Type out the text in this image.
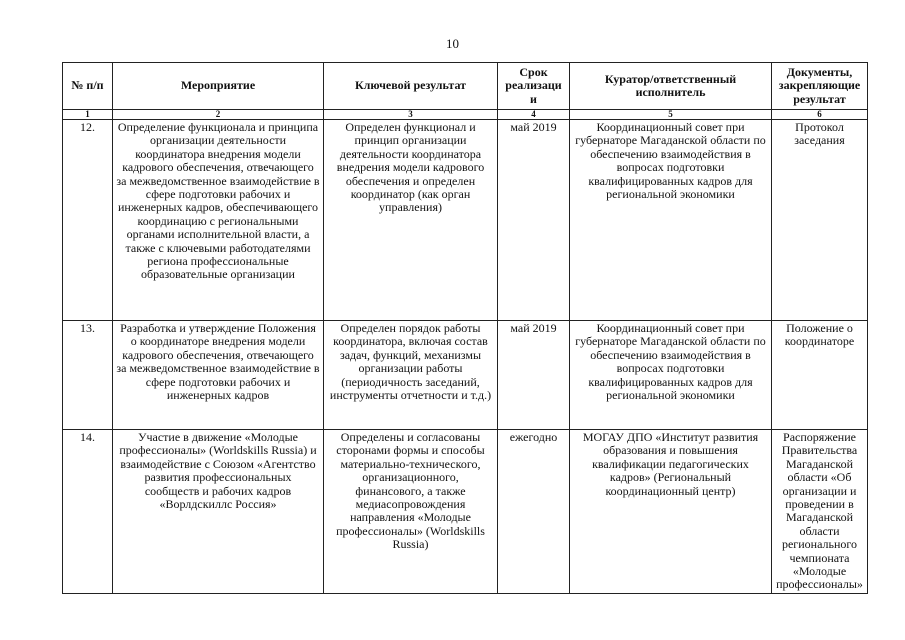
10
№ п/п	Мероприятие	Ключевой результат	Срок реализаци и	Куратор/ответственный исполнитель	Документы, закрепляющие результат
1	2	3	4	5	6
12.	Определение функционала и принципа организации деятельности координатора внедрения модели кадрового обеспечения, отвечающего за межведомственное взаимодействие в сфере подготовки рабочих и инженерных кадров, обеспечивающего координацию с региональными органами исполнительной власти, а также с ключевыми работодателями региона профессиональные образовательные организации	Определен функционал и принцип организации деятельности координатора внедрения модели кадрового обеспечения и определен координатор (как орган управления)	май 2019	Координационный совет при губернаторе Магаданской области по обеспечению взаимодействия в вопросах подготовки квалифицированных кадров для региональной экономики	Протокол заседания
13.	Разработка и утверждение Положения о координаторе внедрения модели кадрового обеспечения, отвечающего за межведомственное взаимодействие в сфере подготовки рабочих и инженерных кадров	Определен порядок работы координатора, включая состав задач, функций, механизмы организации работы (периодичность заседаний, инструменты отчетности и т.д.)	май 2019	Координационный совет при губернаторе Магаданской области по обеспечению взаимодействия в вопросах подготовки квалифицированных кадров для региональной экономики	Положение о координаторе
14.	Участие в движение «Молодые профессионалы» (Worldskills Russia) и взаимодействие с Союзом «Агентство развития профессиональных сообществ и рабочих кадров «Ворлдскиллс Россия»	Определены и согласованы сторонами формы и способы материально-технического, организационного, финансового, а также медиасопровождения направления «Молодые профессионалы» (Worldskills Russia)	ежегодно	МОГАУ ДПО «Институт развития образования и повышения квалификации педагогических кадров» (Региональный координационный центр)	Распоряжение Правительства Магаданской области «Об организации и проведении в Магаданской области регионального чемпионата «Молодые профессионалы»
